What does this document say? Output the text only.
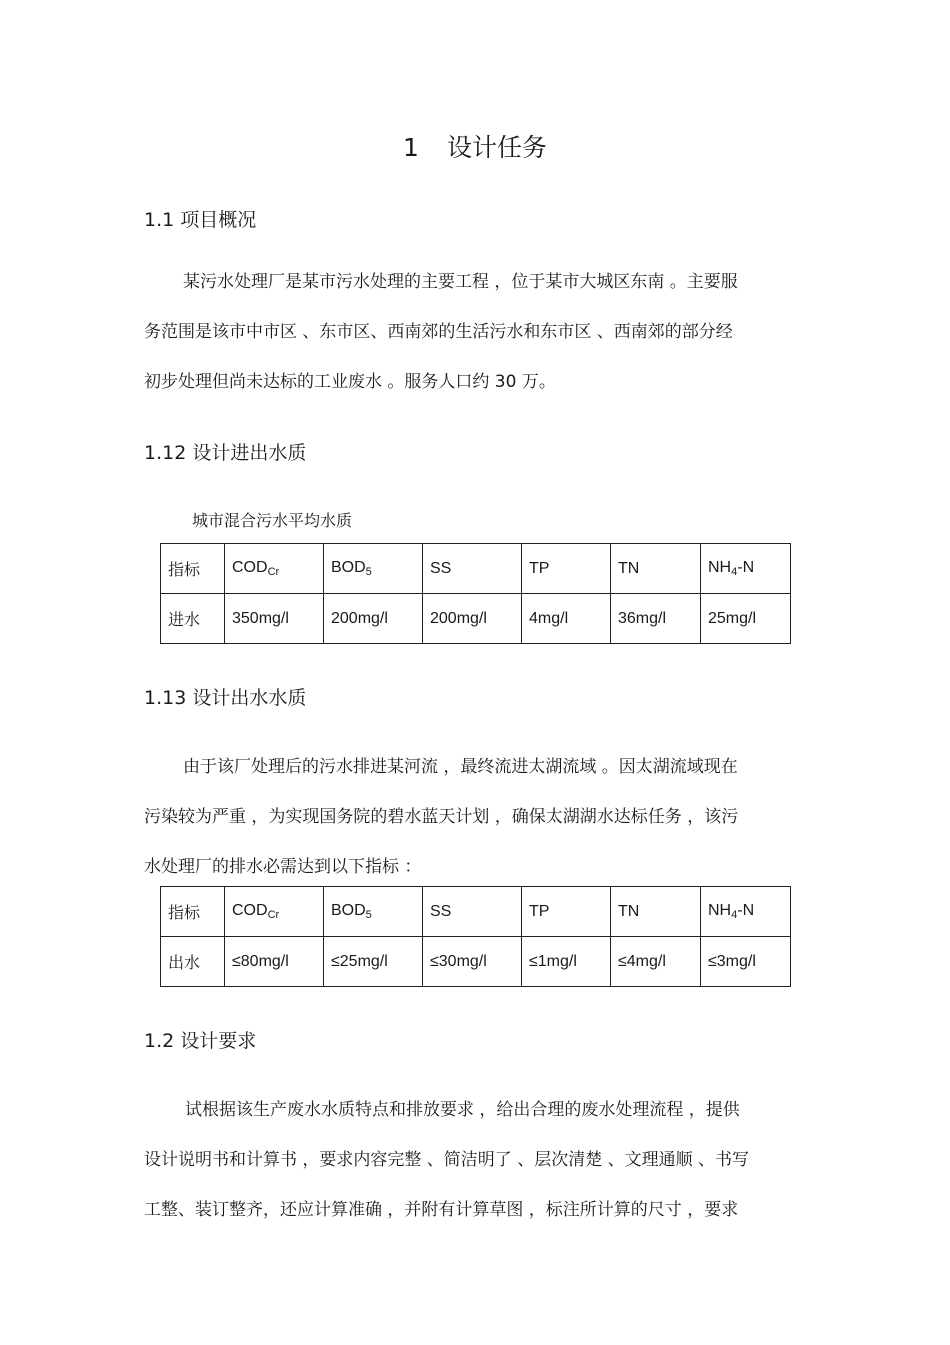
1 设计任务
1.1 项目概况
某污水处理厂是某市污水处理的主要工程 ，位于某市大城区东南 。主要服
务范围是该市中市区 、东市区、西南郊的生活污水和东市区 、西南郊的部分经
初步处理但尚未达标的工业废水 。服务人口约 30 万。
1.12 设计进出水质
城市混合污水平均水质
指标	$COD_{Cr}$	$BOD_5$	SS	TP	TN	$NH_4-N$
进水	350mg/l	200mg/l	200mg/l	4mg/l	36mg/l	25mg/l
1.13 设计出水水质
由于该厂处理后的污水排进某河流 ，最终流进太湖流域 。因太湖流域现在
污染较为严重 ，为实现国务院的碧水蓝天计划 ，确保太湖湖水达标任务 ，该污
水处理厂的排水必需达到以下指标 ：
指标	$COD_{Cr}$	$BOD_5$	SS	TP	TN	$NH_4-N$
出水	≤80mg/l	≤25mg/l	≤30mg/l	≤1mg/l	≤4mg/l	≤3mg/l
1.2 设计要求
试根据该生产废水水质特点和排放要求 ，给出合理的废水处理流程 ，提供
设计说明书和计算书 ，要求内容完整 、简洁明了 、层次清楚 、文理通顺 、书写
工整、装订整齐，还应计算准确 ，并附有计算草图 ，标注所计算的尺寸 ，要求
